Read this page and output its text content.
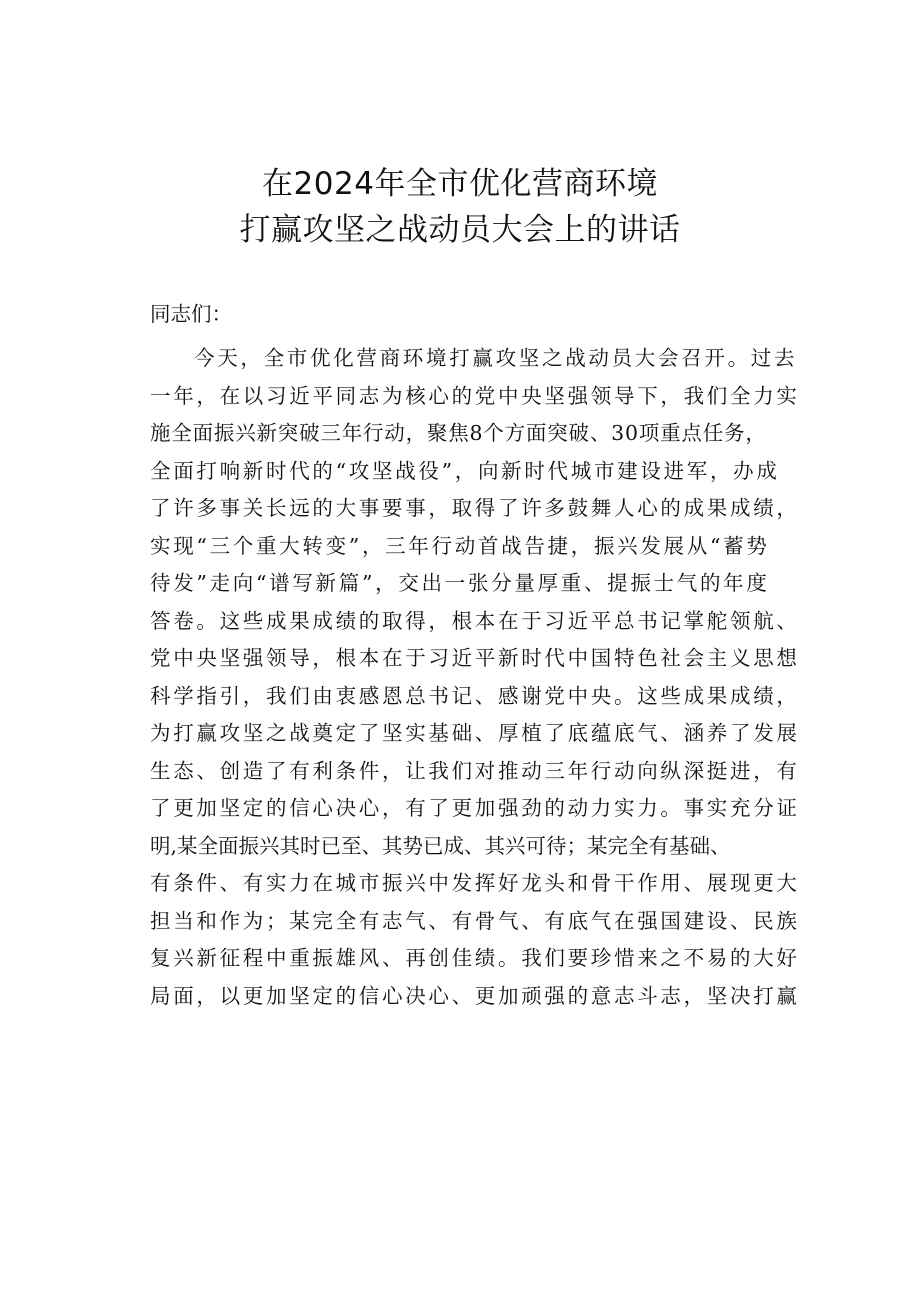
在2024年全市优化营商环境
打赢攻坚之战动员大会上的讲话
同志们：
今天，全市优化营商环境打赢攻坚之战动员大会召开。过去
一年，在以习近平同志为核心的党中央坚强领导下，我们全力实
施全面振兴新突破三年行动，聚焦8个方面突破、30项重点任务，
全面打响新时代的“攻坚战役”，向新时代城市建设进军，办成
了许多事关长远的大事要事，取得了许多鼓舞人心的成果成绩，
实现“三个重大转变”，三年行动首战告捷，振兴发展从“蓄势
待发”走向“谱写新篇”，交出一张分量厚重、提振士气的年度
答卷。这些成果成绩的取得，根本在于习近平总书记掌舵领航、
党中央坚强领导，根本在于习近平新时代中国特色社会主义思想
科学指引，我们由衷感恩总书记、感谢党中央。这些成果成绩，
为打赢攻坚之战奠定了坚实基础、厚植了底蕴底气、涵养了发展
生态、创造了有利条件，让我们对推动三年行动向纵深挺进，有
了更加坚定的信心决心，有了更加强劲的动力实力。事实充分证
明,某全面振兴其时已至、其势已成、其兴可待；某完全有基础、
有条件、有实力在城市振兴中发挥好龙头和骨干作用、展现更大
担当和作为；某完全有志气、有骨气、有底气在强国建设、民族
复兴新征程中重振雄风、再创佳绩。我们要珍惜来之不易的大好
局面，以更加坚定的信心决心、更加顽强的意志斗志，坚决打赢
